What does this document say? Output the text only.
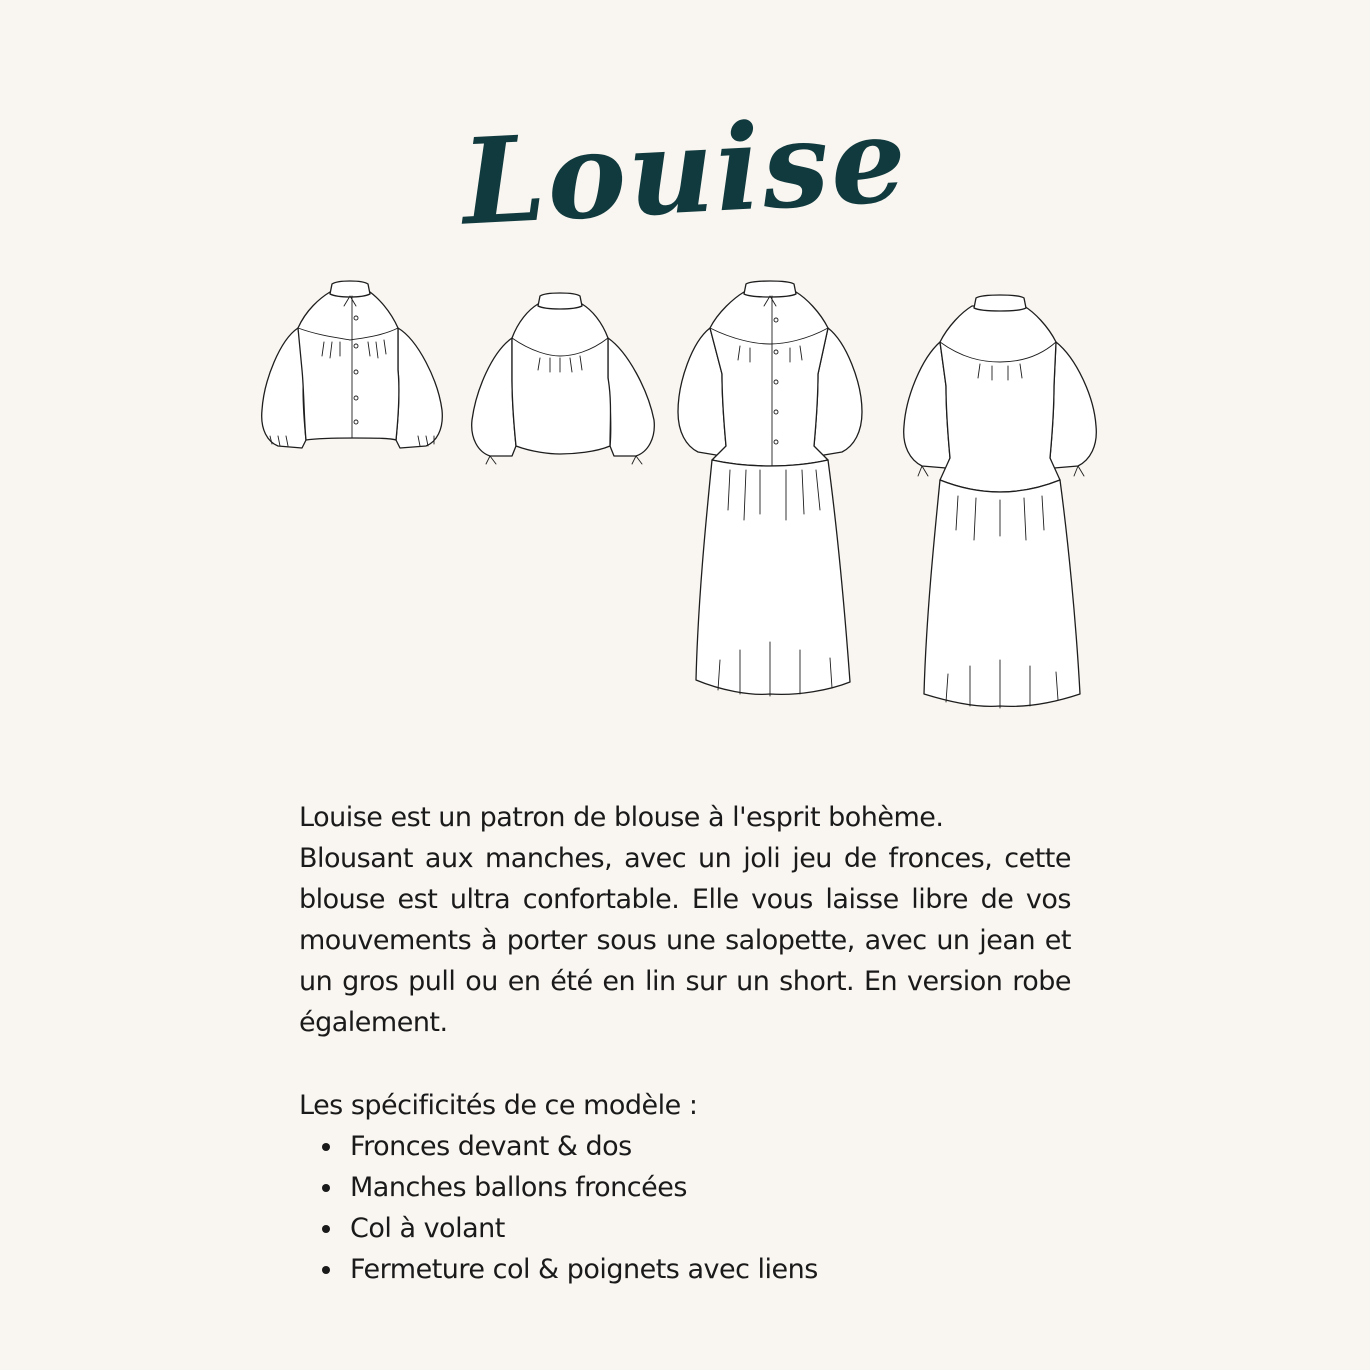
Louise
Louise est un patron de blouse à l'esprit bohème.
Blousant aux manches, avec un joli jeu de fronces, cette blouse est ultra confortable. Elle vous laisse libre de vos mouvements à porter sous une salopette, avec un jean et un gros pull ou en été en lin sur un short. En version robe également.

Les spécificités de ce modèle :

Fronces devant & dos
Manches ballons froncées
Col à volant
Fermeture col & poignets avec liens
